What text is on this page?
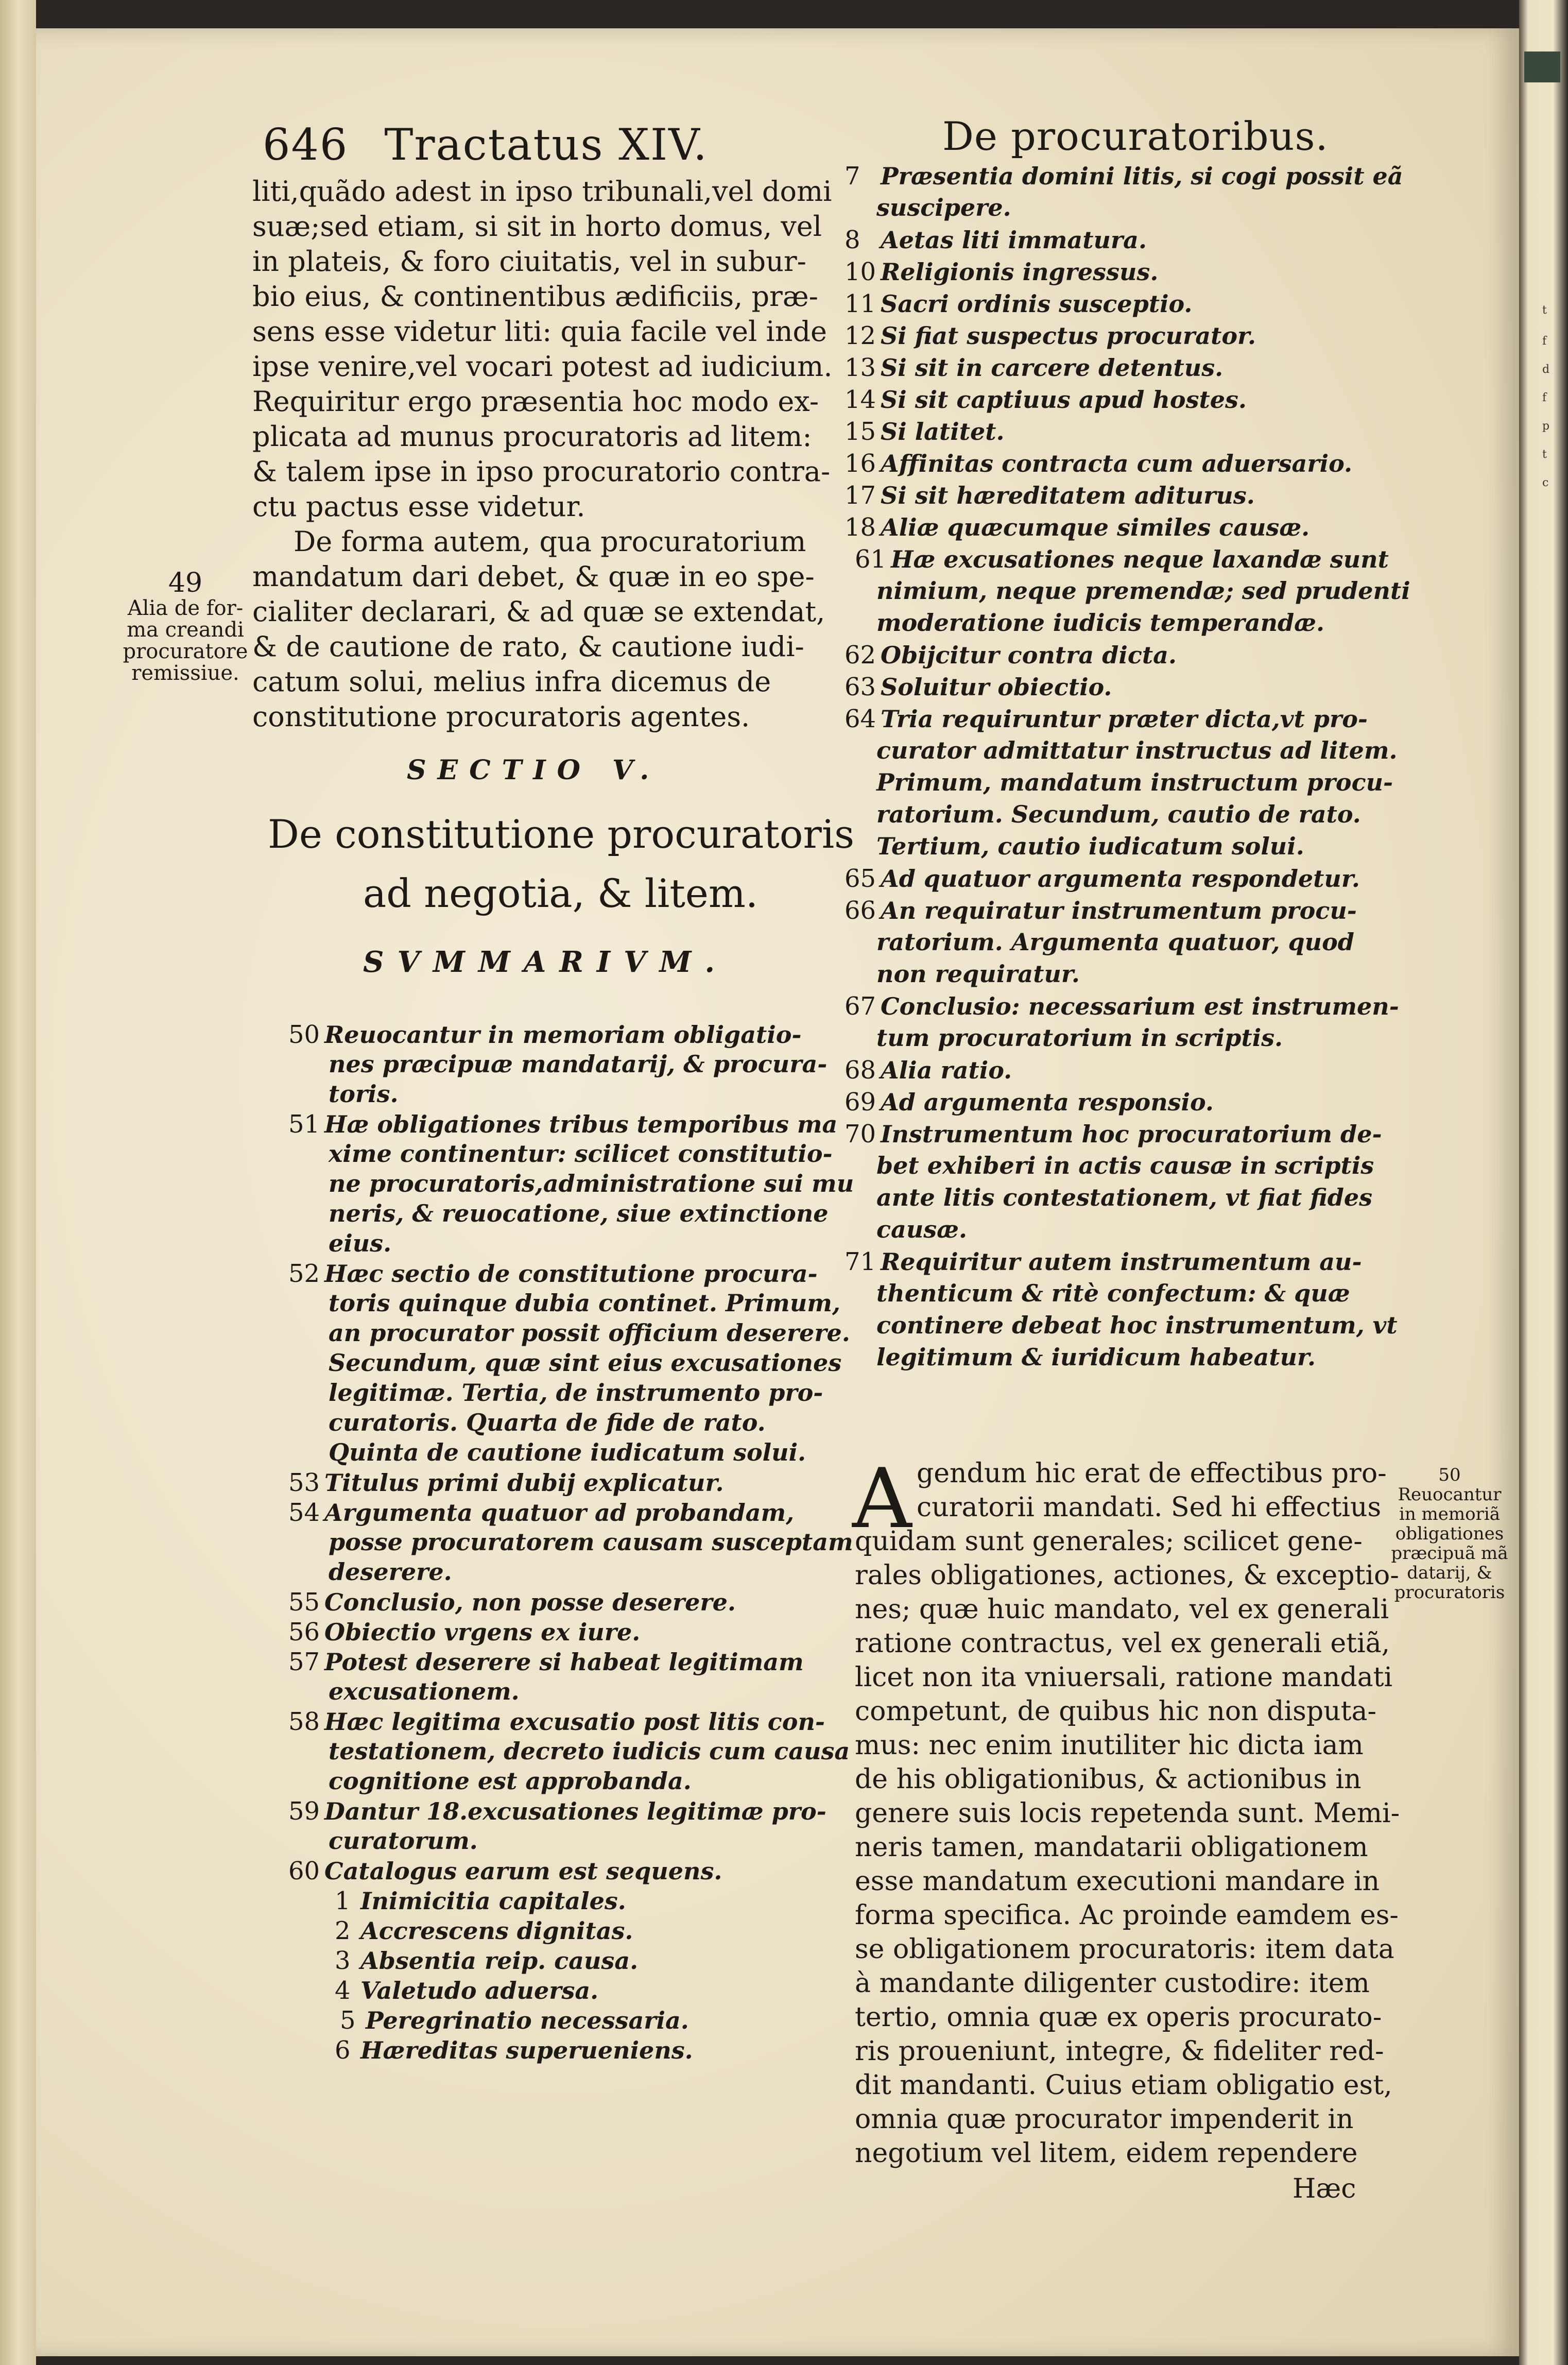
t
f
d
f
p
t
c
646 Tractatus XIV.	De procuratoribus.
liti,quãdo adest in ipso tribunali,vel domi
suæ;sed etiam, si sit in horto domus, vel
in plateis, & foro ciuitatis, vel in subur-
bio eius, & continentibus ædificiis, præ-
sens esse videtur liti: quia facile vel inde
ipse venire,vel vocari potest ad iudicium.
Requiritur ergo præsentia hoc modo ex-
plicata ad munus procuratoris ad litem:
& talem ipse in ipso procuratorio contra-
ctu pactus esse videtur.
De forma autem, qua procuratorium
mandatum dari debet, & quæ in eo spe-
cialiter declarari, & ad quæ se extendat,
& de cautione de rato, & cautione iudi-
catum solui, melius infra dicemus de
constitutione procuratoris agentes.
49
Alia de for-
ma creandi
procuratore
remissiue.
SECTIO V.
De constitutione procuratoris
ad negotia, & litem.
SVMMARIVM.
50 Reuocantur in memoriam obligatio-
nes præcipuæ mandatarij, & procura-
toris.
51 Hæ obligationes tribus temporibus ma
xime continentur: scilicet constitutio-
ne procuratoris,administratione sui mu
neris, & reuocatione, siue extinctione
eius.
52 Hæc sectio de constitutione procura-
toris quinque dubia continet. Primum,
an procurator possit officium deserere.
Secundum, quæ sint eius excusationes
legitimæ. Tertia, de instrumento pro-
curatoris. Quarta de fide de rato.
Quinta de cautione iudicatum solui.
53 Titulus primi dubij explicatur.
54 Argumenta quatuor ad probandam,
posse procuratorem causam susceptam
deserere.
55 Conclusio, non posse deserere.
56 Obiectio vrgens ex iure.
57 Potest deserere si habeat legitimam
excusationem.
58 Hæc legitima excusatio post litis con-
testationem, decreto iudicis cum causa
cognitione est approbanda.
59 Dantur 18.excusationes legitimæ pro-
curatorum.
60 Catalogus earum est sequens.
1 Inimicitia capitales.
2 Accrescens dignitas.
3 Absentia reip. causa.
4 Valetudo aduersa.
5 Peregrinatio necessaria.
6 Hæreditas superueniens.
7 Præsentia domini litis, si cogi possit eã
suscipere.
8 Aetas liti immatura.
10 Religionis ingressus.
11 Sacri ordinis susceptio.
12 Si fiat suspectus procurator.
13 Si sit in carcere detentus.
14 Si sit captiuus apud hostes.
15 Si latitet.
16 Affinitas contracta cum aduersario.
17 Si sit hæreditatem aditurus.
18 Aliæ quæcumque similes causæ.
61 Hæ excusationes neque laxandæ sunt
nimium, neque premendæ; sed prudenti
moderatione iudicis temperandæ.
62 Obijcitur contra dicta.
63 Soluitur obiectio.
64 Tria requiruntur præter dicta,vt pro-
curator admittatur instructus ad litem.
Primum, mandatum instructum procu-
ratorium. Secundum, cautio de rato.
Tertium, cautio iudicatum solui.
65 Ad quatuor argumenta respondetur.
66 An requiratur instrumentum procu-
ratorium. Argumenta quatuor, quod
non requiratur.
67 Conclusio: necessarium est instrumen-
tum procuratorium in scriptis.
68 Alia ratio.
69 Ad argumenta responsio.
70 Instrumentum hoc procuratorium de-
bet exhiberi in actis causæ in scriptis
ante litis contestationem, vt fiat fides
causæ.
71 Requiritur autem instrumentum au-
thenticum & ritè confectum: & quæ
continere debeat hoc instrumentum, vt
legitimum & iuridicum habeatur.
A gendum hic erat de effectibus pro-
curatorii mandati. Sed hi effectius
quidam sunt generales; scilicet gene-
rales obligationes, actiones, & exceptio-
nes; quæ huic mandato, vel ex generali
ratione contractus, vel ex generali etiã,
licet non ita vniuersali, ratione mandati
competunt, de quibus hic non disputa-
mus: nec enim inutiliter hic dicta iam
de his obligationibus, & actionibus in
genere suis locis repetenda sunt. Memi-
neris tamen, mandatarii obligationem
esse mandatum executioni mandare in
forma specifica. Ac proinde eamdem es-
se obligationem procuratoris: item data
à mandante diligenter custodire: item
tertio, omnia quæ ex operis procurato-
ris proueniunt, integre, & fideliter red-
dit mandanti. Cuius etiam obligatio est,
omnia quæ procurator impenderit in
negotium vel litem, eidem rependere
50
Reuocantur
in memoriã
obligationes
præcipuã mã
datarij, &
procuratoris
Hæc
